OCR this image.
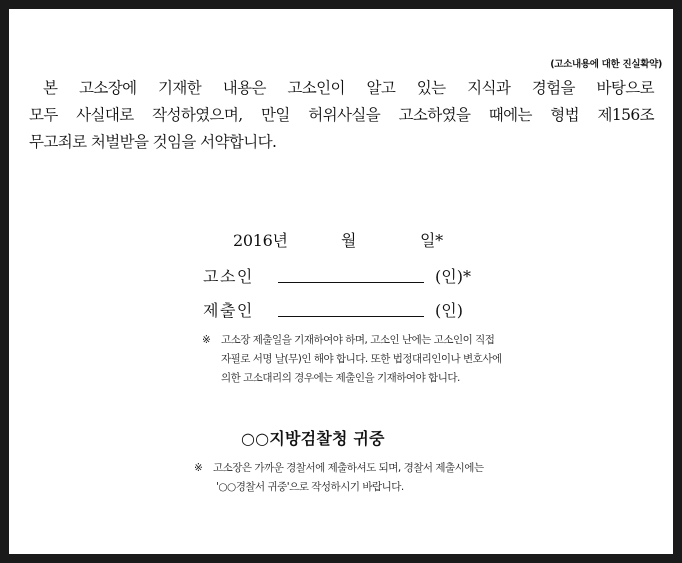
(고소내용에 대한 진실확약)
본 고소장에 기재한 내용은 고소인이 알고 있는 지식과 경험을 바탕으로
모두 사실대로 작성하였으며, 만일 허위사실을 고소하였을 때에는 형법 제156조
무고죄로 처벌받을 것임을 서약합니다.
2016년	월	일*
고소인	(인)*
제출인	(인)
※ 고소장 제출일을 기재하여야 하며, 고소인 난에는 고소인이 직접
자필로 서명 날(무)인 해야 합니다. 또한 법정대리인이나 변호사에
의한 고소대리의 경우에는 제출인을 기재하여야 합니다.
○○지방검찰청 귀중
※ 고소장은 가까운 경찰서에 제출하셔도 되며, 경찰서 제출시에는
'○○경찰서 귀중'으로 작성하시기 바랍니다.
